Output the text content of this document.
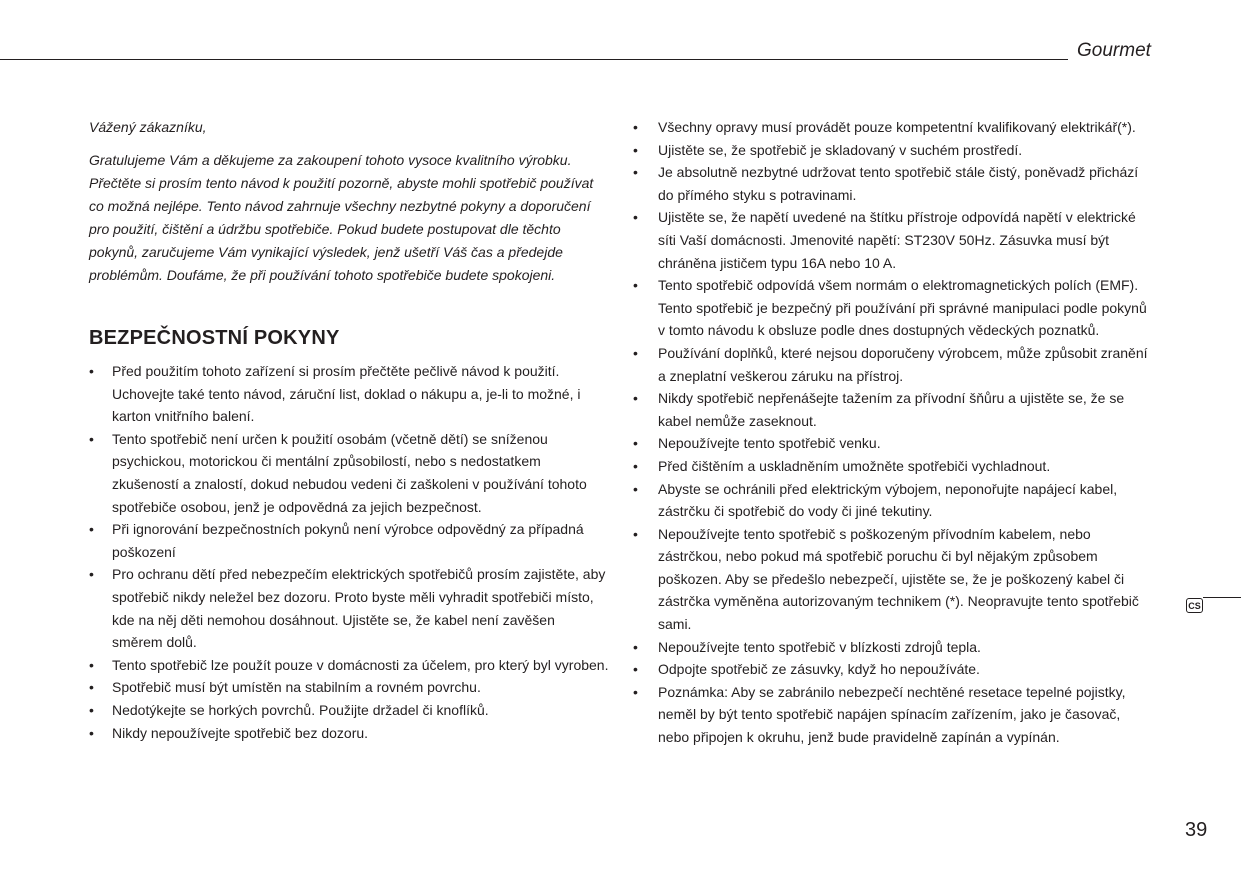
Gourmet

Vážený zákazníku,

Gratulujeme Vám a děkujeme za zakoupení tohoto vysoce kvalitního výrobku. Přečtěte si prosím tento návod k použití pozorně, abyste mohli spotřebič používat co možná nejlépe. Tento návod zahrnuje všechny nezbytné pokyny a doporučení pro použití, čištění a údržbu spotřebiče. Pokud budete postupovat dle těchto pokynů, zaručujeme Vám vynikající výsledek, jenž ušetří Váš čas a předejde problémům. Doufáme, že při používání tohoto spotřebiče budete spokojeni.

BEZPEČNOSTNÍ POKYNY
• Před použitím tohoto zařízení si prosím přečtěte pečlivě návod k použití. Uchovejte také tento návod, záruční list, doklad o nákupu a, je-li to možné, i karton vnitřního balení.
• Tento spotřebič není určen k použití osobám (včetně dětí) se sníženou psychickou, motorickou či mentální způsobilostí, nebo s nedostatkem zkušeností a znalostí, dokud nebudou vedeni či zaškoleni v používání tohoto spotřebiče osobou, jenž je odpovědná za jejich bezpečnost.
• Při ignorování bezpečnostních pokynů není výrobce odpovědný za případná poškození
• Pro ochranu dětí před nebezpečím elektrických spotřebičů prosím zajistěte, aby spotřebič nikdy neležel bez dozoru. Proto byste měli vyhradit spotřebiči místo, kde na něj děti nemohou dosáhnout. Ujistěte se, že kabel není zavěšen směrem dolů.
• Tento spotřebič lze použít pouze v domácnosti za účelem, pro který byl vyroben.
• Spotřebič musí být umístěn na stabilním a rovném povrchu.
• Nedotýkejte se horkých povrchů. Použijte držadel či knoflíků.
• Nikdy nepoužívejte spotřebič bez dozoru.
• Všechny opravy musí provádět pouze kompetentní kvalifikovaný elektrikář(*).
• Ujistěte se, že spotřebič je skladovaný v suchém prostředí.
• Je absolutně nezbytné udržovat tento spotřebič stále čistý, poněvadž přichází do přímého styku s potravinami.
• Ujistěte se, že napětí uvedené na štítku přístroje odpovídá napětí v elektrické síti Vaší domácnosti. Jmenovité napětí: ST230V 50Hz. Zásuvka musí být chráněna jističem typu 16A nebo 10 A.
• Tento spotřebič odpovídá všem normám o elektromagnetických polích (EMF). Tento spotřebič je bezpečný při používání při správné manipulaci podle pokynů v tomto návodu k obsluze podle dnes dostupných vědeckých poznatků.
• Používání doplňků, které nejsou doporučeny výrobcem, může způsobit zranění a zneplatní veškerou záruku na přístroj.
• Nikdy spotřebič nepřenášejte tažením za přívodní šňůru a ujistěte se, že se kabel nemůže zaseknout.
• Nepoužívejte tento spotřebič venku.
• Před čištěním a uskladněním umožněte spotřebiči vychladnout.
• Abyste se ochránili před elektrickým výbojem, neponořujte napájecí kabel, zástrčku či spotřebič do vody či jiné tekutiny.
• Nepoužívejte tento spotřebič s poškozeným přívodním kabelem, nebo zástrčkou, nebo pokud má spotřebič poruchu či byl nějakým způsobem poškozen. Aby se předešlo nebezpečí, ujistěte se, že je poškozený kabel či zástrčka vyměněna autorizovaným technikem (*). Neopravujte tento spotřebič sami.
• Nepoužívejte tento spotřebič v blízkosti zdrojů tepla.
• Odpojte spotřebič ze zásuvky, když ho nepoužíváte.
• Poznámka: Aby se zabránilo nebezpečí nechtěné resetace tepelné pojistky, neměl by být tento spotřebič napájen spínacím zařízením, jako je časovač, nebo připojen k okruhu, jenž bude pravidelně zapínán a vypínán.
CS
39
